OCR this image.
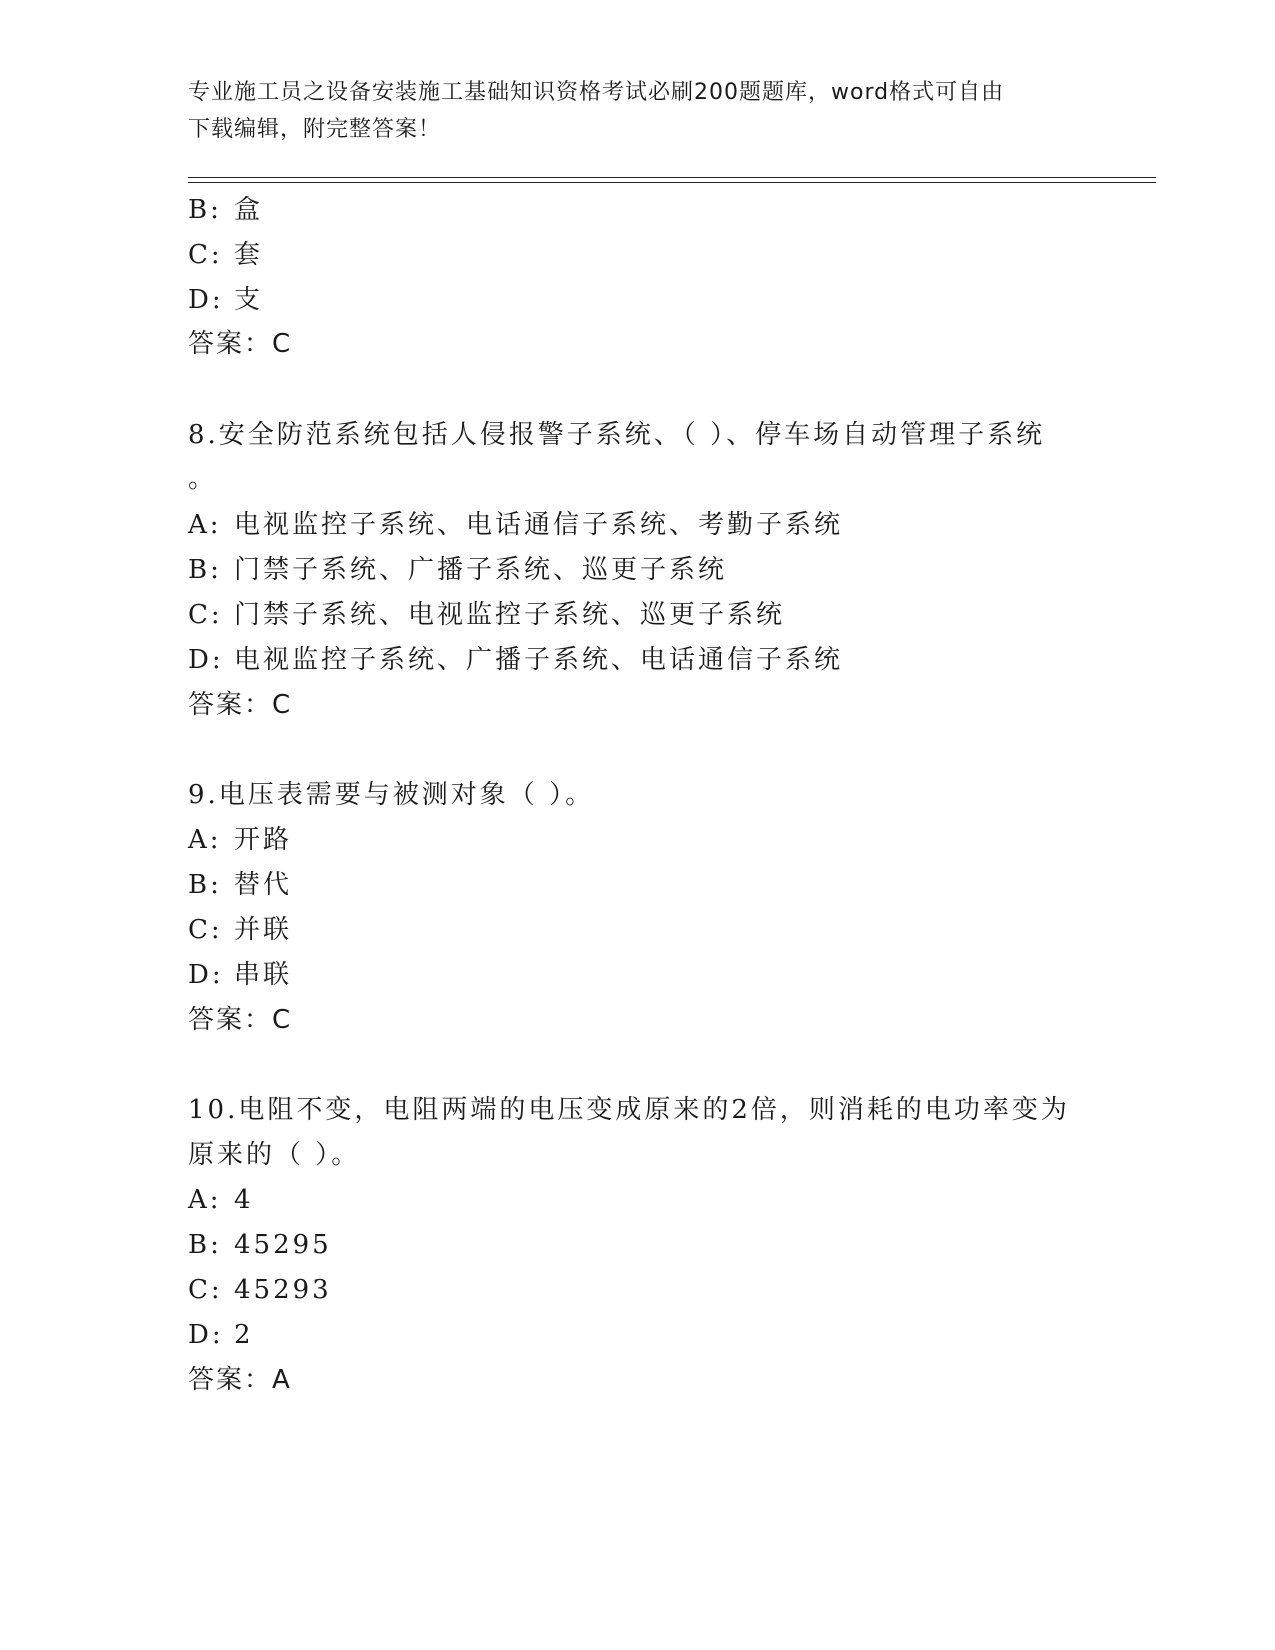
专业施工员之设备安装施工基础知识资格考试必刷200题题库，word格式可自由
下载编辑，附完整答案！
B: 盒
C: 套
D: 支
答案：C
8.安全防范系统包括人侵报警子系统、（ ）、停车场自动管理子系统
。
A: 电视监控子系统、电话通信子系统、考勤子系统
B: 门禁子系统、广播子系统、巡更子系统
C: 门禁子系统、电视监控子系统、巡更子系统
D: 电视监控子系统、广播子系统、电话通信子系统
答案：C
9.电压表需要与被测对象（ ）。
A: 开路
B: 替代
C: 并联
D: 串联
答案：C
10.电阻不变，电阻两端的电压变成原来的2倍，则消耗的电功率变为
原来的（ ）。
A: 4
B: 45295
C: 45293
D: 2
答案：A
